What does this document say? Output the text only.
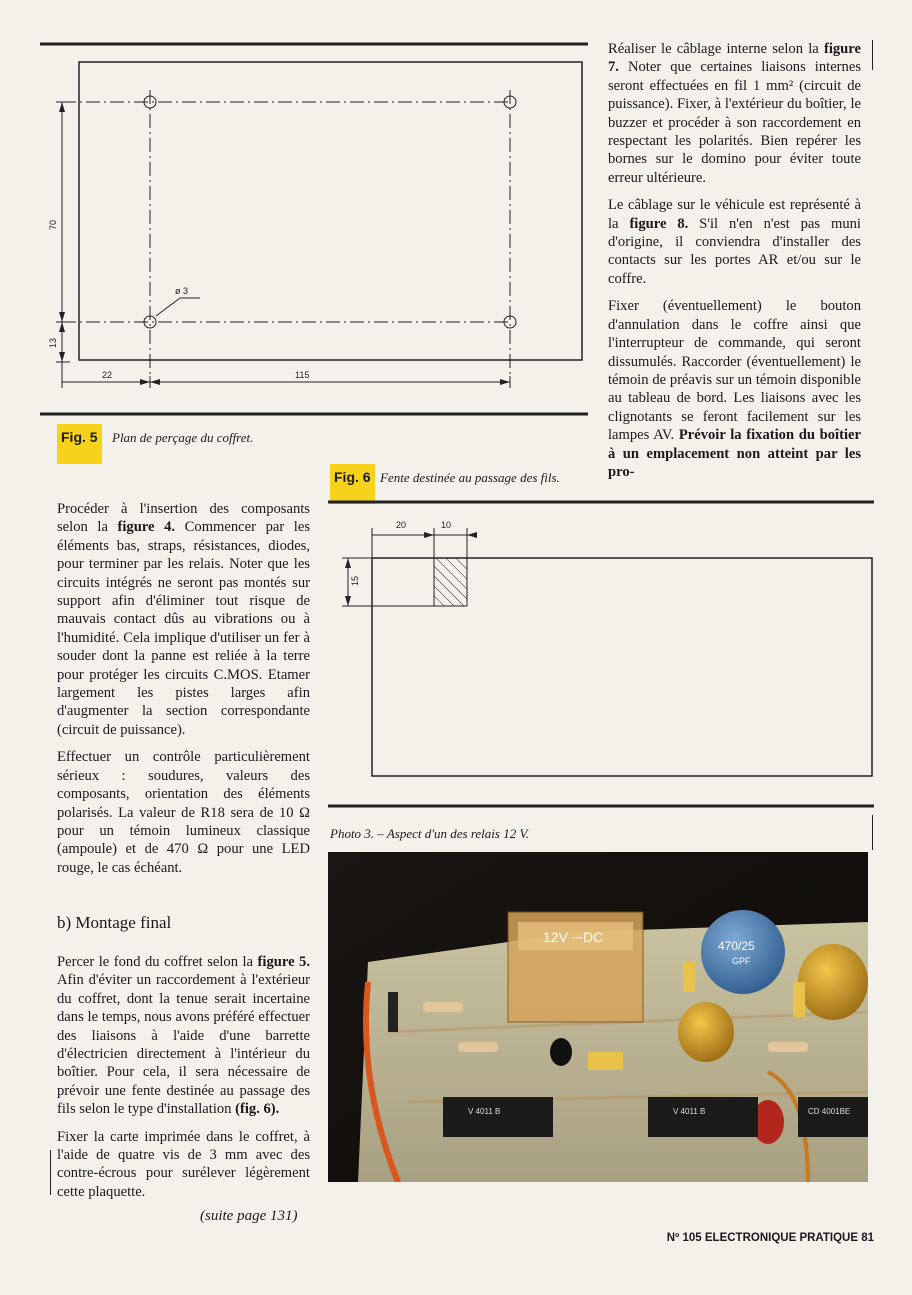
70
13
22	115
ø 3
Fig. 5	Plan de perçage du coffret.

Réaliser le câblage interne selon la figure 7. Noter que certaines liaisons internes seront effectuées en fil 1 mm² (circuit de puissance). Fixer, à l'extérieur du boîtier, le buzzer et procéder à son raccordement en respectant les polarités. Bien repérer les bornes sur le domino pour éviter toute erreur ultérieure.

Le câblage sur le véhicule est représenté à la figure 8. S'il n'en n'est pas muni d'origine, il conviendra d'installer des contacts sur les portes AR et/ou sur le coffre.

Fixer (éventuellement) le bouton d'annulation dans le coffre ainsi que l'interrupteur de commande, qui seront dissumulés. Raccorder (éventuellement) le témoin de préavis sur un témoin disponible au tableau de bord. Les liaisons avec les clignotants se feront facilement sur les lampes AV. Prévoir la fixation du boîtier à un emplacement non atteint par les pro-

Fig. 6 Fente destinée au passage des fils.
20	10
15

Procéder à l'insertion des composants selon la figure 4. Commencer par les éléments bas, straps, résistances, diodes, pour terminer par les relais. Noter que les circuits intégrés ne seront pas montés sur support afin d'éliminer tout risque de mauvais contact dûs au vibrations ou à l'humidité. Cela implique d'utiliser un fer à souder dont la panne est reliée à la terre pour protéger les circuits C.MOS. Etamer largement les pistes larges afin d'augmenter la section correspondante (circuit de puissance).

Effectuer un contrôle particulièrement sérieux : soudures, valeurs des composants, orientation des éléments polarisés. La valeur de R18 sera de 10 Ω pour un témoin lumineux classique (ampoule) et de 470 Ω pour une LED rouge, le cas échéant.

b) Montage final

Percer le fond du coffret selon la figure 5. Afin d'éviter un raccordement à l'extérieur du coffret, dont la tenue serait incertaine dans le temps, nous avons préféré effectuer des liaisons à l'aide d'une barrette d'électricien directement à l'intérieur du boîtier. Pour cela, il sera nécessaire de prévoir une fente destinée au passage des fils selon le type d'installation (fig. 6).

Fixer la carte imprimée dans le coffret, à l'aide de quatre vis de 3 mm avec des contre-écrous pour surélever légèrement cette plaquette.

(suite page 131)
Photo 3. – Aspect d'un des relais 12 V.
12V ⎓DC
470/25
GPF
V 4011 B	V 4011 B	CD 4001BE
Nº 105 ELECTRONIQUE PRATIQUE 81
